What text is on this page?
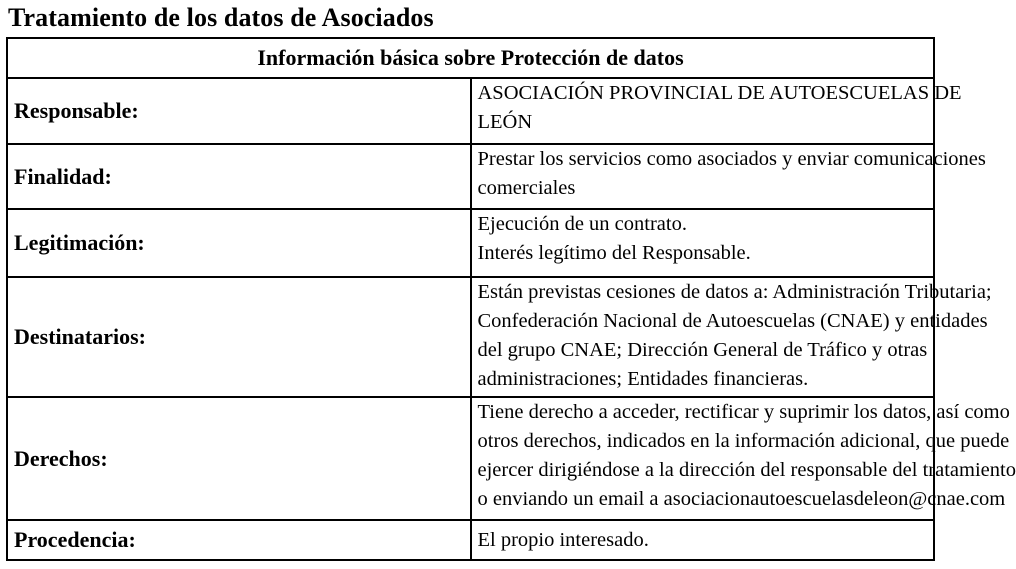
Tratamiento de los datos de Asociados
Información básica sobre Protección de datos	
Responsable:	ASOCIACIÓN PROVINCIAL DE AUTOESCUELAS DE
LEÓN

Finalidad:	Prestar los servicios como asociados y enviar comunicaciones
comerciales

Legitimación:	Ejecución de un contrato.
Interés legítimo del Responsable.

Destinatarios:	Están previstas cesiones de datos a: Administración Tributaria;
Confederación Nacional de Autoescuelas (CNAE) y entidades
del grupo CNAE; Dirección General de Tráfico y otras
administraciones; Entidades financieras.

Derechos:	Tiene derecho a acceder, rectificar y suprimir los datos, así como
otros derechos, indicados en la información adicional, que puede
ejercer dirigiéndose a la dirección del responsable del tratamiento
o enviando un email a asociacionautoescuelasdeleon@cnae.com

Procedencia:	El propio interesado.
